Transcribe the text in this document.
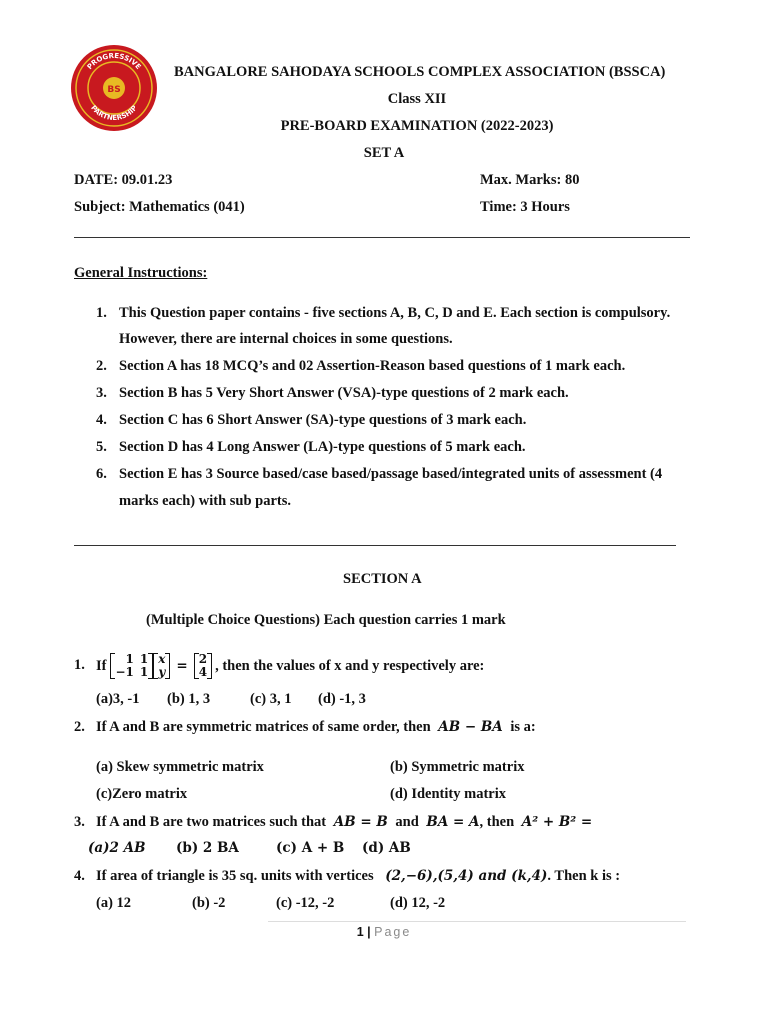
PROGRESSIVE
PARTNERSHIP
BS
BANGALORE SAHODAYA SCHOOLS COMPLEX ASSOCIATION (BSSCA)
Class XII
PRE-BOARD EXAMINATION (2022-2023)
SET A
DATE: 09.01.23	Max. Marks: 80
Subject: Mathematics (041)	Time: 3 Hours
General Instructions:
1. This Question paper contains - five sections A, B, C, D and E. Each section is compulsory.
However, there are internal choices in some questions.
2. Section A has 18 MCQ’s and 02 Assertion-Reason based questions of 1 mark each.
3. Section B has 5 Very Short Answer (VSA)-type questions of 2 mark each.
4. Section C has 6 Short Answer (SA)-type questions of 3 mark each.
5. Section D has 4 Long Answer (LA)-type questions of 5 mark each.
6. Section E has 3 Source based/case based/passage based/integrated units of assessment (4
marks each) with sub parts.
SECTION A
(Multiple Choice Questions) Each question carries 1 mark
1. If 1	1
−1	1
x
y = 2
4 , then the values of x and y respectively are:
(a)3, -1 (b) 1, 3	(c) 3, 1 (d) -1, 3
2. If A and B are symmetric matrices of same order, then AB − BA is a:
(a) Skew symmetric matrix	(b) Symmetric matrix
(c)Zero matrix	(d) Identity matrix
3. If A and B are two matrices such that AB = B and BA = A, then A² + B² =
(a)2 AB (b) 2 BA	(c) A + B (d) AB
4. If area of triangle is 35 sq. units with vertices (2,−6),(5,4) and (k,4). Then k is :
(a) 12	(b) -2	(c) -12, -2	(d) 12, -2
1 | Page
